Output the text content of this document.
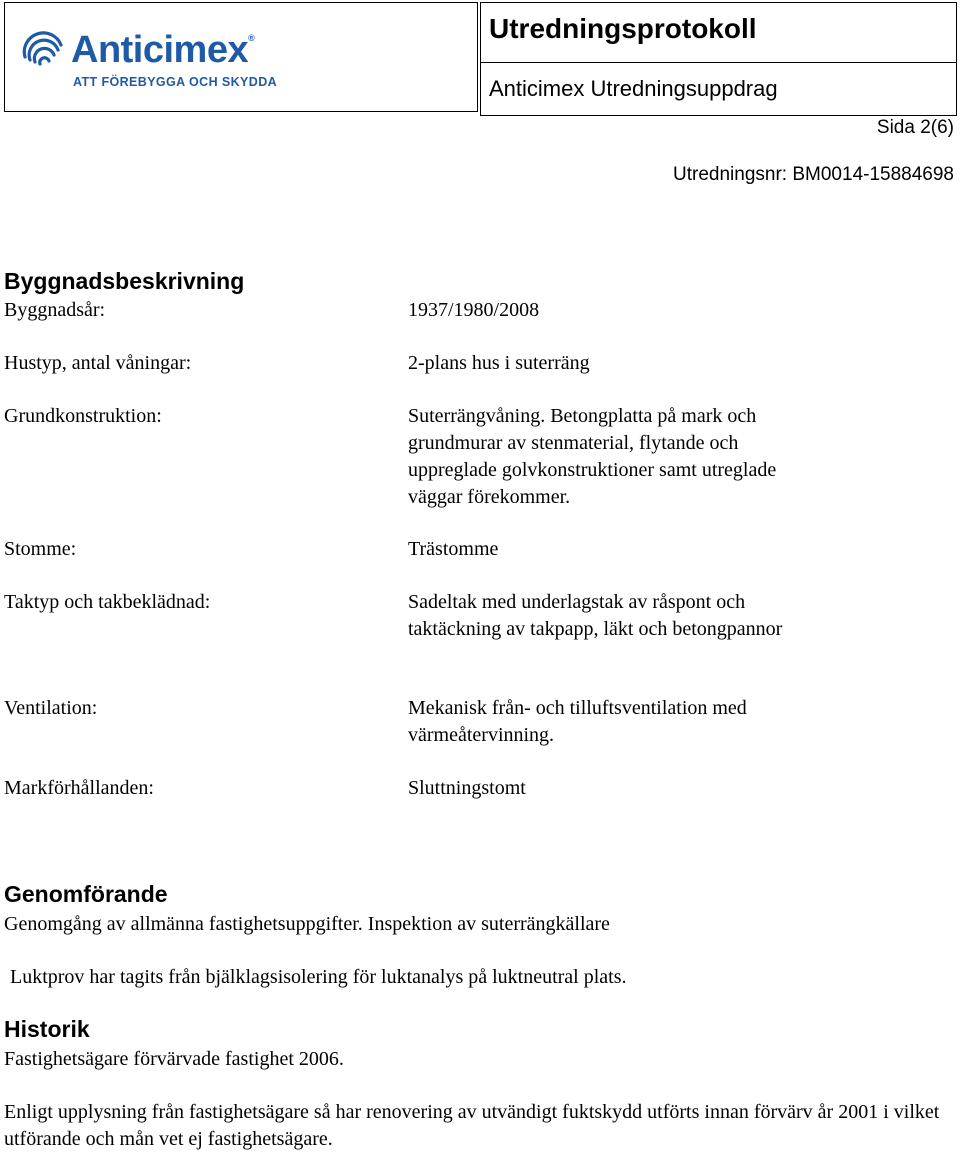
Anticimex®
ATT FÖREBYGGA OCH SKYDDA
Utredningsprotokoll
Anticimex Utredningsuppdrag
Sida 2(6)
Utredningsnr: BM0014-15884698
Byggnadsbeskrivning
Byggnadsår:	1937/1980/2008
Hustyp, antal våningar:	2-plans hus i suterräng
Grundkonstruktion:	Suterrängvåning. Betongplatta på mark och grundmurar av stenmaterial, flytande och uppreglade golvkonstruktioner samt utreglade väggar förekommer.
Stomme:	Trästomme
Taktyp och takbeklädnad:	Sadeltak med underlagstak av råspont och taktäckning av takpapp, läkt och betongpannor
Ventilation:	Mekanisk från- och tilluftsventilation med värmeåtervinning.
Markförhållanden:	Sluttningstomt
Genomförande
Genomgång av allmänna fastighetsuppgifter. Inspektion av suterrängkällare
Luktprov har tagits från bjälklagsisolering för luktanalys på luktneutral plats.
Historik
Fastighetsägare förvärvade fastighet 2006.
Enligt upplysning från fastighetsägare så har renovering av utvändigt fuktskydd utförts innan förvärv år 2001 i vilket utförande och mån vet ej fastighetsägare.
